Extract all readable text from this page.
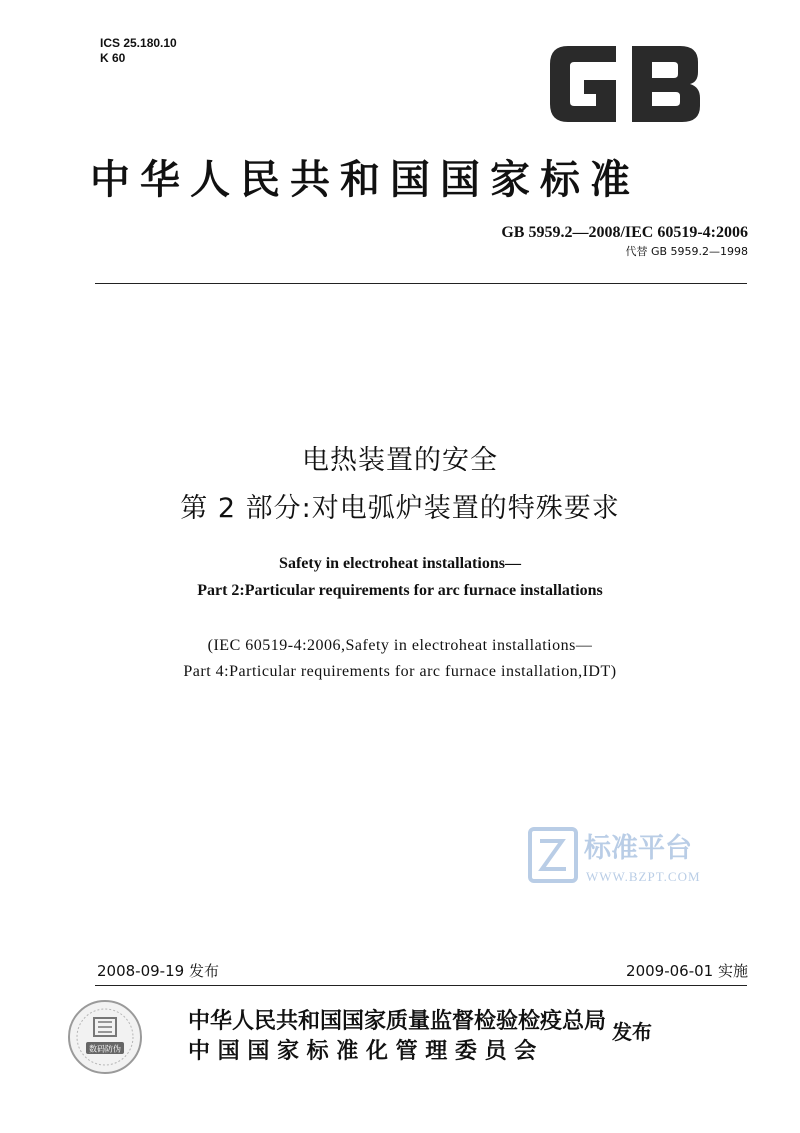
ICS 25.180.10
K 60
中华人民共和国国家标准
GB 5959.2—2008/IEC 60519-4:2006
代替 GB 5959.2—1998
电热装置的安全
第 2 部分:对电弧炉装置的特殊要求
Safety in electroheat installations—
Part 2:Particular requirements for arc furnace installations
(IEC 60519-4:2006,Safety in electroheat installations—
Part 4:Particular requirements for arc furnace installation,IDT)
标准平台
WWW.BZPT.COM
2008-09-19 发布	2009-06-01 实施
数码防伪
中华人民共和国国家质量监督检验检疫总局
中 国 国 家 标 准 化 管 理 委 员 会
发布
